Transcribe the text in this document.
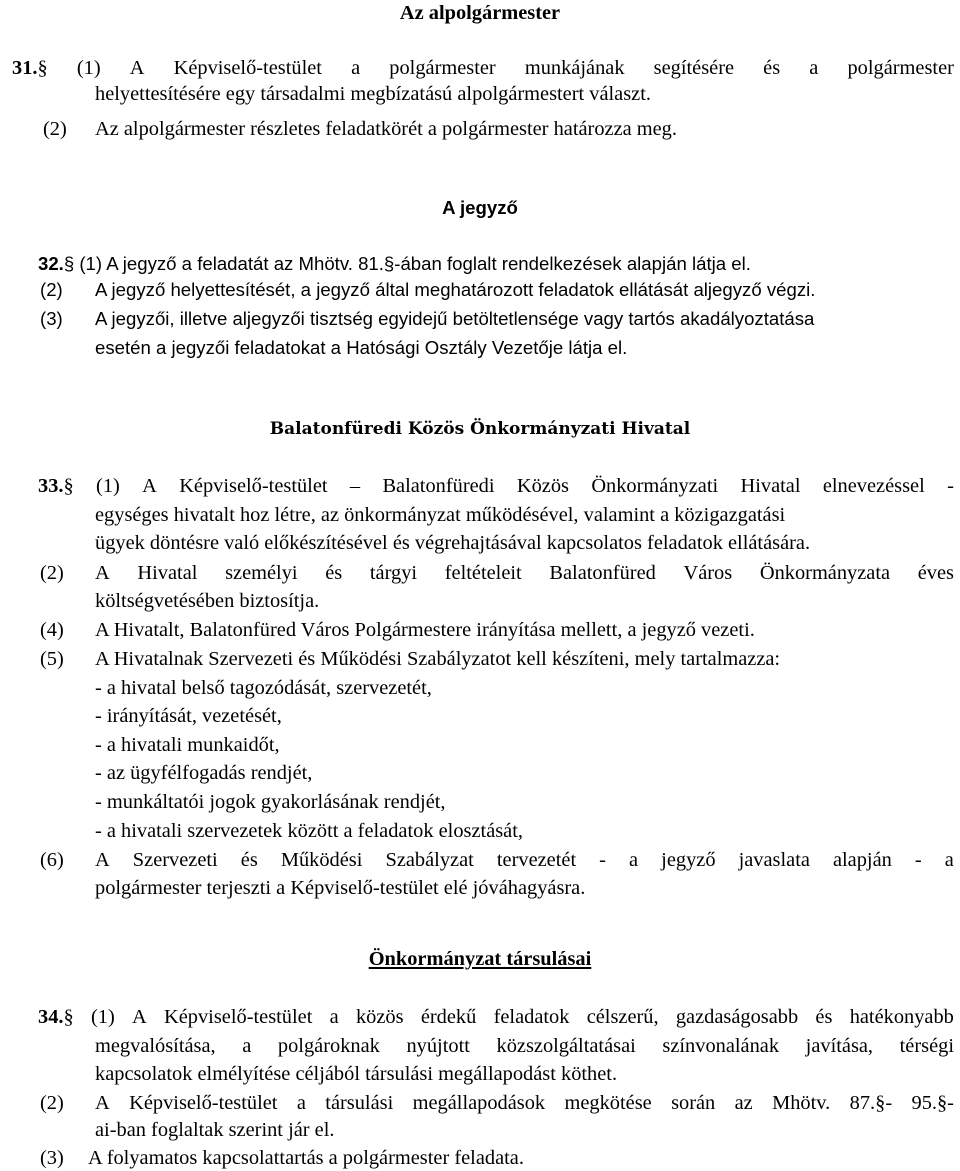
Az alpolgármester
31.§ (1) A Képviselő-testület a polgármester munkájának segítésére és a polgármester
helyettesítésére egy társadalmi megbízatású alpolgármestert választ.
(2) Az alpolgármester részletes feladatkörét a polgármester határozza meg.
A jegyző
32.§ (1) A jegyző a feladatát az Mhötv. 81.§-ában foglalt rendelkezések alapján látja el.
(2) A jegyző helyettesítését, a jegyző által meghatározott feladatok ellátását aljegyző végzi.
(3) A jegyzői, illetve aljegyzői tisztség egyidejű betöltetlensége vagy tartós akadályoztatása
esetén a jegyzői feladatokat a Hatósági Osztály Vezetője látja el.
Balatonfüredi Közös Önkormányzati Hivatal
33.§ (1) A Képviselő-testület – Balatonfüredi Közös Önkormányzati Hivatal elnevezéssel -
egységes hivatalt hoz létre, az önkormányzat működésével, valamint a közigazgatási
ügyek döntésre való előkészítésével és végrehajtásával kapcsolatos feladatok ellátására.
(2) A Hivatal személyi és tárgyi feltételeit Balatonfüred Város Önkormányzata éves
költségvetésében biztosítja.
(4) A Hivatalt, Balatonfüred Város Polgármestere irányítása mellett, a jegyző vezeti.
(5) A Hivatalnak Szervezeti és Működési Szabályzatot kell készíteni, mely tartalmazza:
- a hivatal belső tagozódását, szervezetét,
- irányítását, vezetését,
- a hivatali munkaidőt,
- az ügyfélfogadás rendjét,
- munkáltatói jogok gyakorlásának rendjét,
- a hivatali szervezetek között a feladatok elosztását,
(6) A Szervezeti és Működési Szabályzat tervezetét - a jegyző javaslata alapján - a
polgármester terjeszti a Képviselő-testület elé jóváhagyásra.
Önkormányzat társulásai
34.§ (1) A Képviselő-testület a közös érdekű feladatok célszerű, gazdaságosabb és hatékonyabb
megvalósítása, a polgároknak nyújtott közszolgáltatásai színvonalának javítása, térségi
kapcsolatok elmélyítése céljából társulási megállapodást köthet.
(2) A Képviselő-testület a társulási megállapodások megkötése során az Mhötv. 87.§- 95.§-
ai-ban foglaltak szerint jár el.
(3) A folyamatos kapcsolattartás a polgármester feladata.
